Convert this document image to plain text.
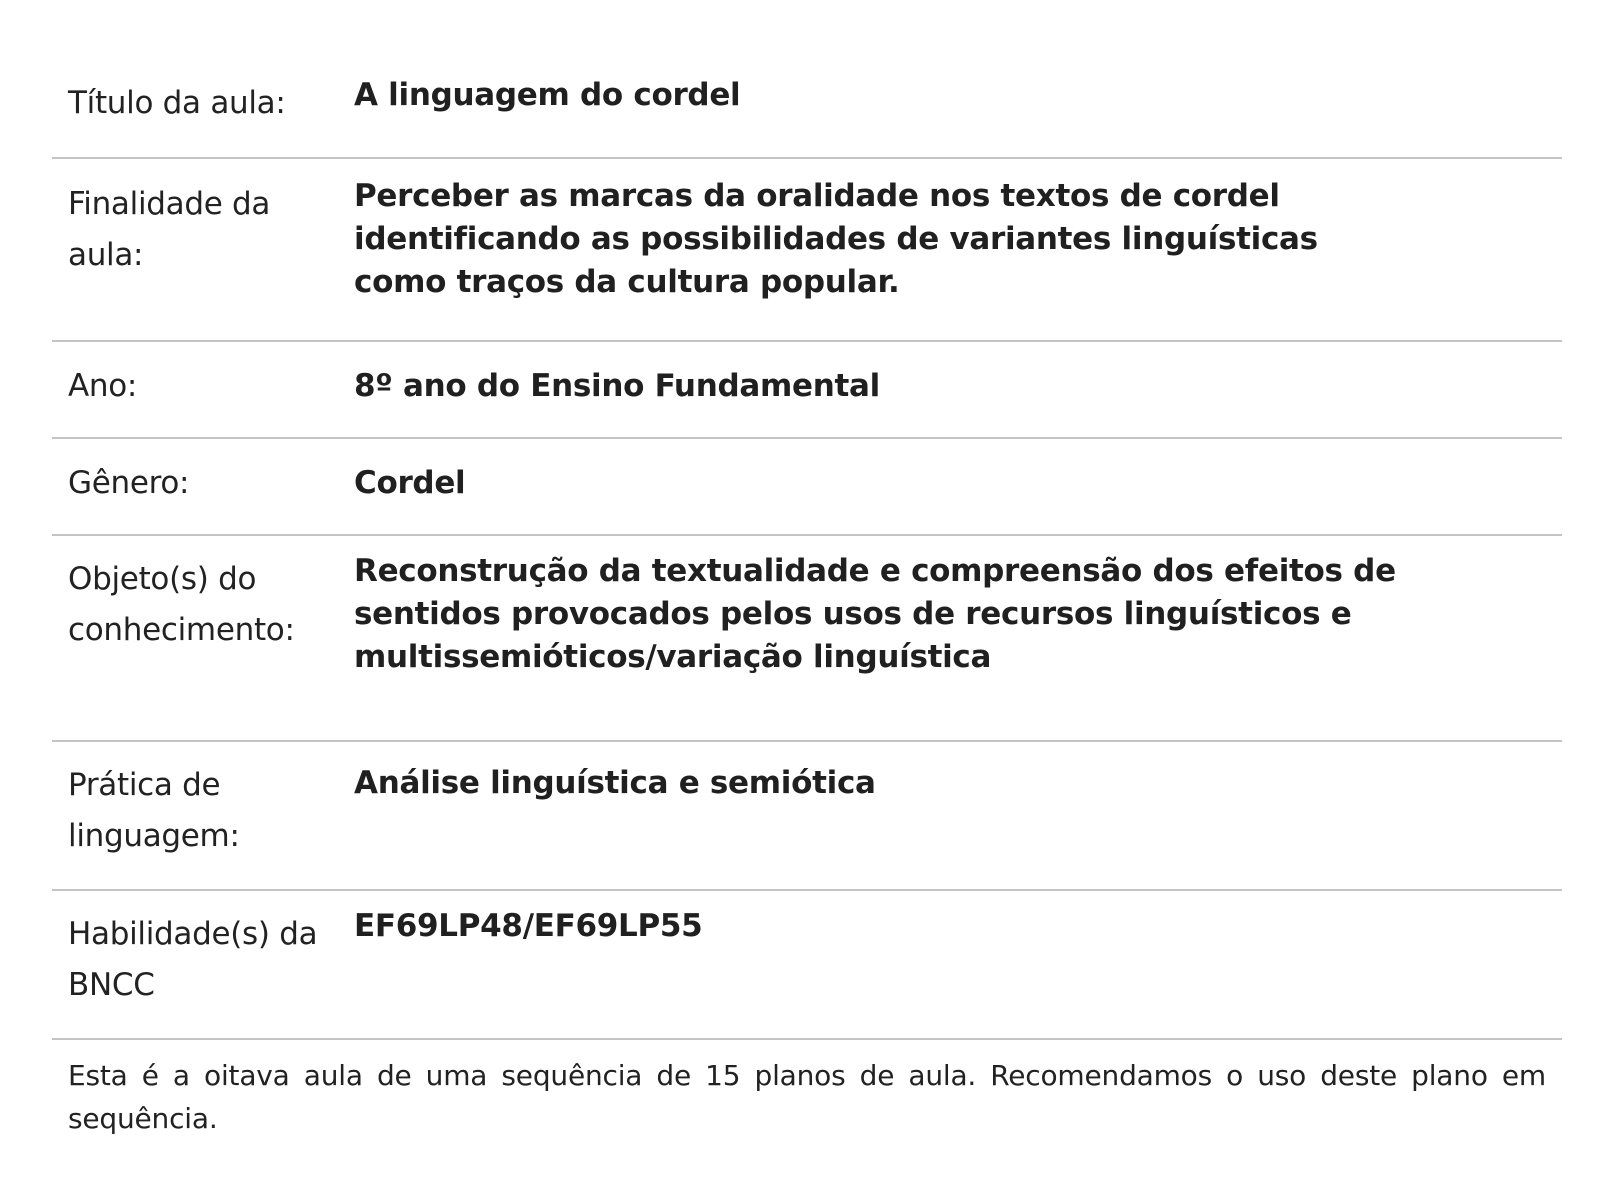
Título da aula:	A linguagem do cordel
Finalidade da aula:
Perceber as marcas da oralidade nos textos de cordel identificando as possibilidades de variantes linguísticas como traços da cultura popular.
Ano:	8º ano do Ensino Fundamental
Gênero:	Cordel
Objeto(s) do conhecimento:
Reconstrução da textualidade e compreensão dos efeitos de sentidos provocados pelos usos de recursos linguísticos e multissemióticos/variação linguística
Prática de linguagem:
Análise linguística e semiótica
Habilidade(s) da BNCC
EF69LP48/EF69LP55
Esta é a oitava aula de uma sequência de 15 planos de aula. Recomendamos o uso deste plano em sequência.
